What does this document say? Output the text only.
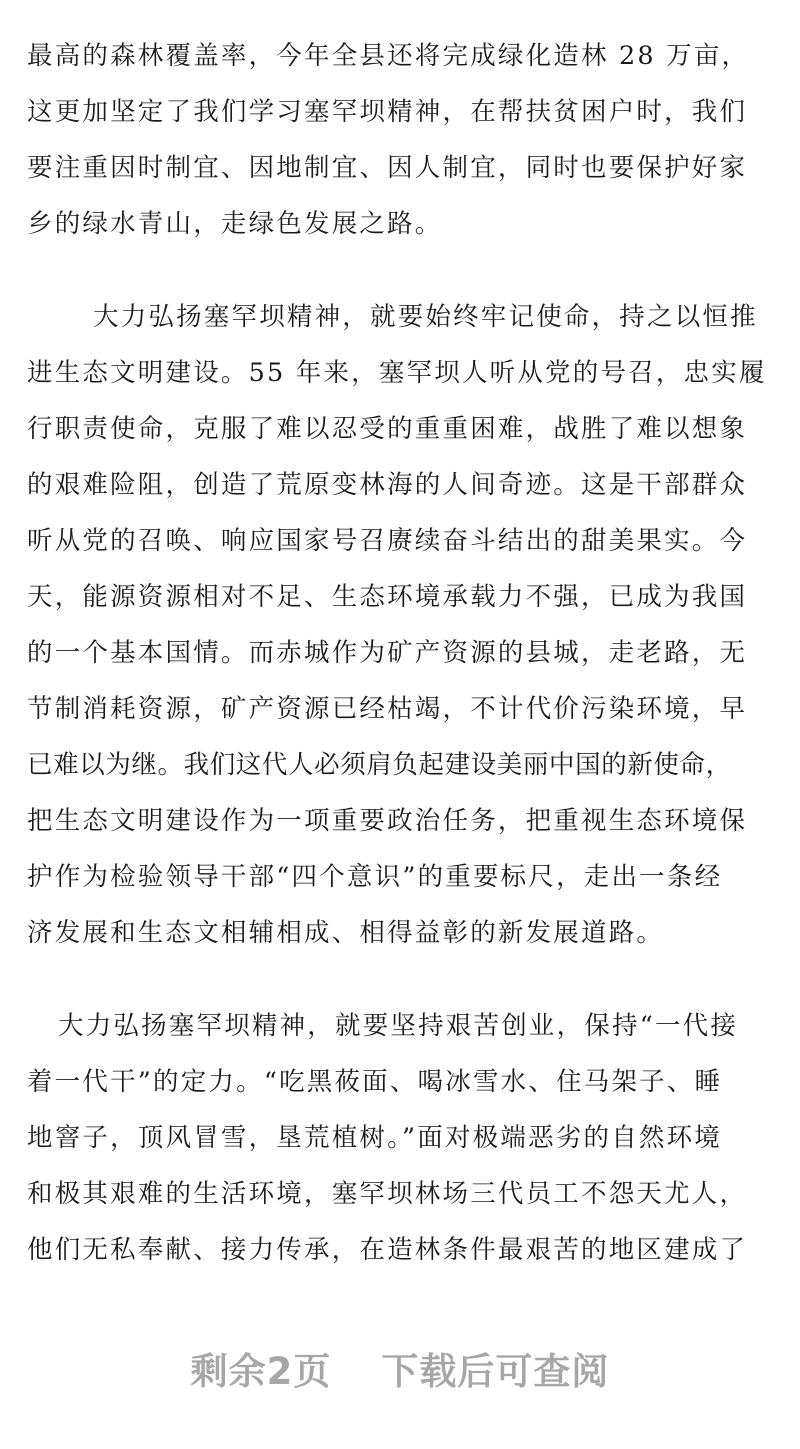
最高的森林覆盖率，今年全县还将完成绿化造林 28 万亩，
这更加坚定了我们学习塞罕坝精神，在帮扶贫困户时，我们
要注重因时制宜、因地制宜、因人制宜，同时也要保护好家
乡的绿水青山，走绿色发展之路。
大力弘扬塞罕坝精神，就要始终牢记使命，持之以恒推
进生态文明建设。55 年来，塞罕坝人听从党的号召，忠实履
行职责使命，克服了难以忍受的重重困难，战胜了难以想象
的艰难险阻，创造了荒原变林海的人间奇迹。这是干部群众
听从党的召唤、响应国家号召赓续奋斗结出的甜美果实。今
天，能源资源相对不足、生态环境承载力不强，已成为我国
的一个基本国情。而赤城作为矿产资源的县城，走老路，无
节制消耗资源，矿产资源已经枯竭，不计代价污染环境，早
已难以为继。我们这代人必须肩负起建设美丽中国的新使命，
把生态文明建设作为一项重要政治任务，把重视生态环境保
护作为检验领导干部“四个意识”的重要标尺，走出一条经
济发展和生态文相辅相成、相得益彰的新发展道路。
大力弘扬塞罕坝精神，就要坚持艰苦创业，保持“一代接
着一代干”的定力。“吃黑莜面、喝冰雪水、住马架子、睡
地窨子，顶风冒雪，垦荒植树。”面对极端恶劣的自然环境
和极其艰难的生活环境，塞罕坝林场三代员工不怨天尤人，
他们无私奉献、接力传承，在造林条件最艰苦的地区建成了
剩余2页 下载后可查阅
